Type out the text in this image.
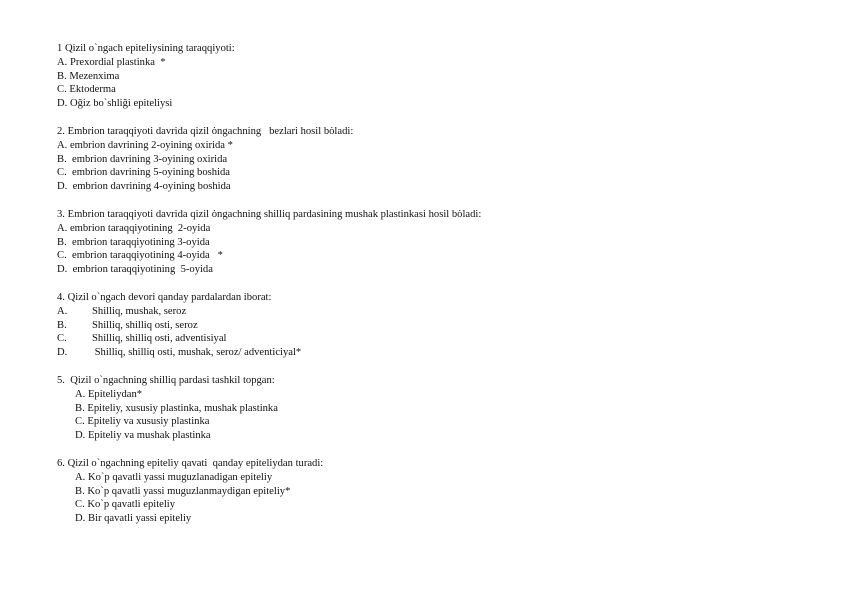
1 Qizil o`ngach epiteliysining taraqqiyoti:
A. Prexordial plastinka  *
B. Mezenxima
C. Ektoderma
D. Oğiz bo`shliği epiteliysi
2. Embrion taraqqiyoti davrida qizil ȯngachning   bezlari hosil bȯladi:
A. embrion davrining 2-oyining oxirida *
B.  embrion davrining 3-oyining oxirida
C.  embrion davrining 5-oyining boshida
D.  embrion davrining 4-oyining boshida
3. Embrion taraqqiyoti davrida qizil ȯngachning shilliq pardasining mushak plastinkasi hosil bȯladi:
A. embrion taraqqiyotining  2-oyida
B.  embrion taraqqiyotining 3-oyida
C.  embrion taraqqiyotining 4-oyida   *
D.  embrion taraqqiyotining  5-oyida
4. Qizil o`ngach devori qanday pardalardan iborat:
A.	Shilliq, mushak, seroz
B.	Shilliq, shilliq osti, seroz
C.	Shilliq, shilliq osti, adventisiyal
D.	Shilliq, shilliq osti, mushak, seroz/ adventiciyal*
5.  Qizil o`ngachning shilliq pardasi tashkil topgan:
A. Epiteliydan*
B. Epiteliy, xususiy plastinka, mushak plastinka
C. Epiteliy va xususiy plastinka
D. Epiteliy va mushak plastinka
6. Qizil o`ngachning epiteliy qavati  qanday epiteliydan turadi:
A. Ko`p qavatli yassi muguzlanadigan epiteliy
B. Ko`p qavatli yassi muguzlanmaydigan epiteliy*
C. Ko`p qavatli epiteliy
D. Bir qavatli yassi epiteliy
